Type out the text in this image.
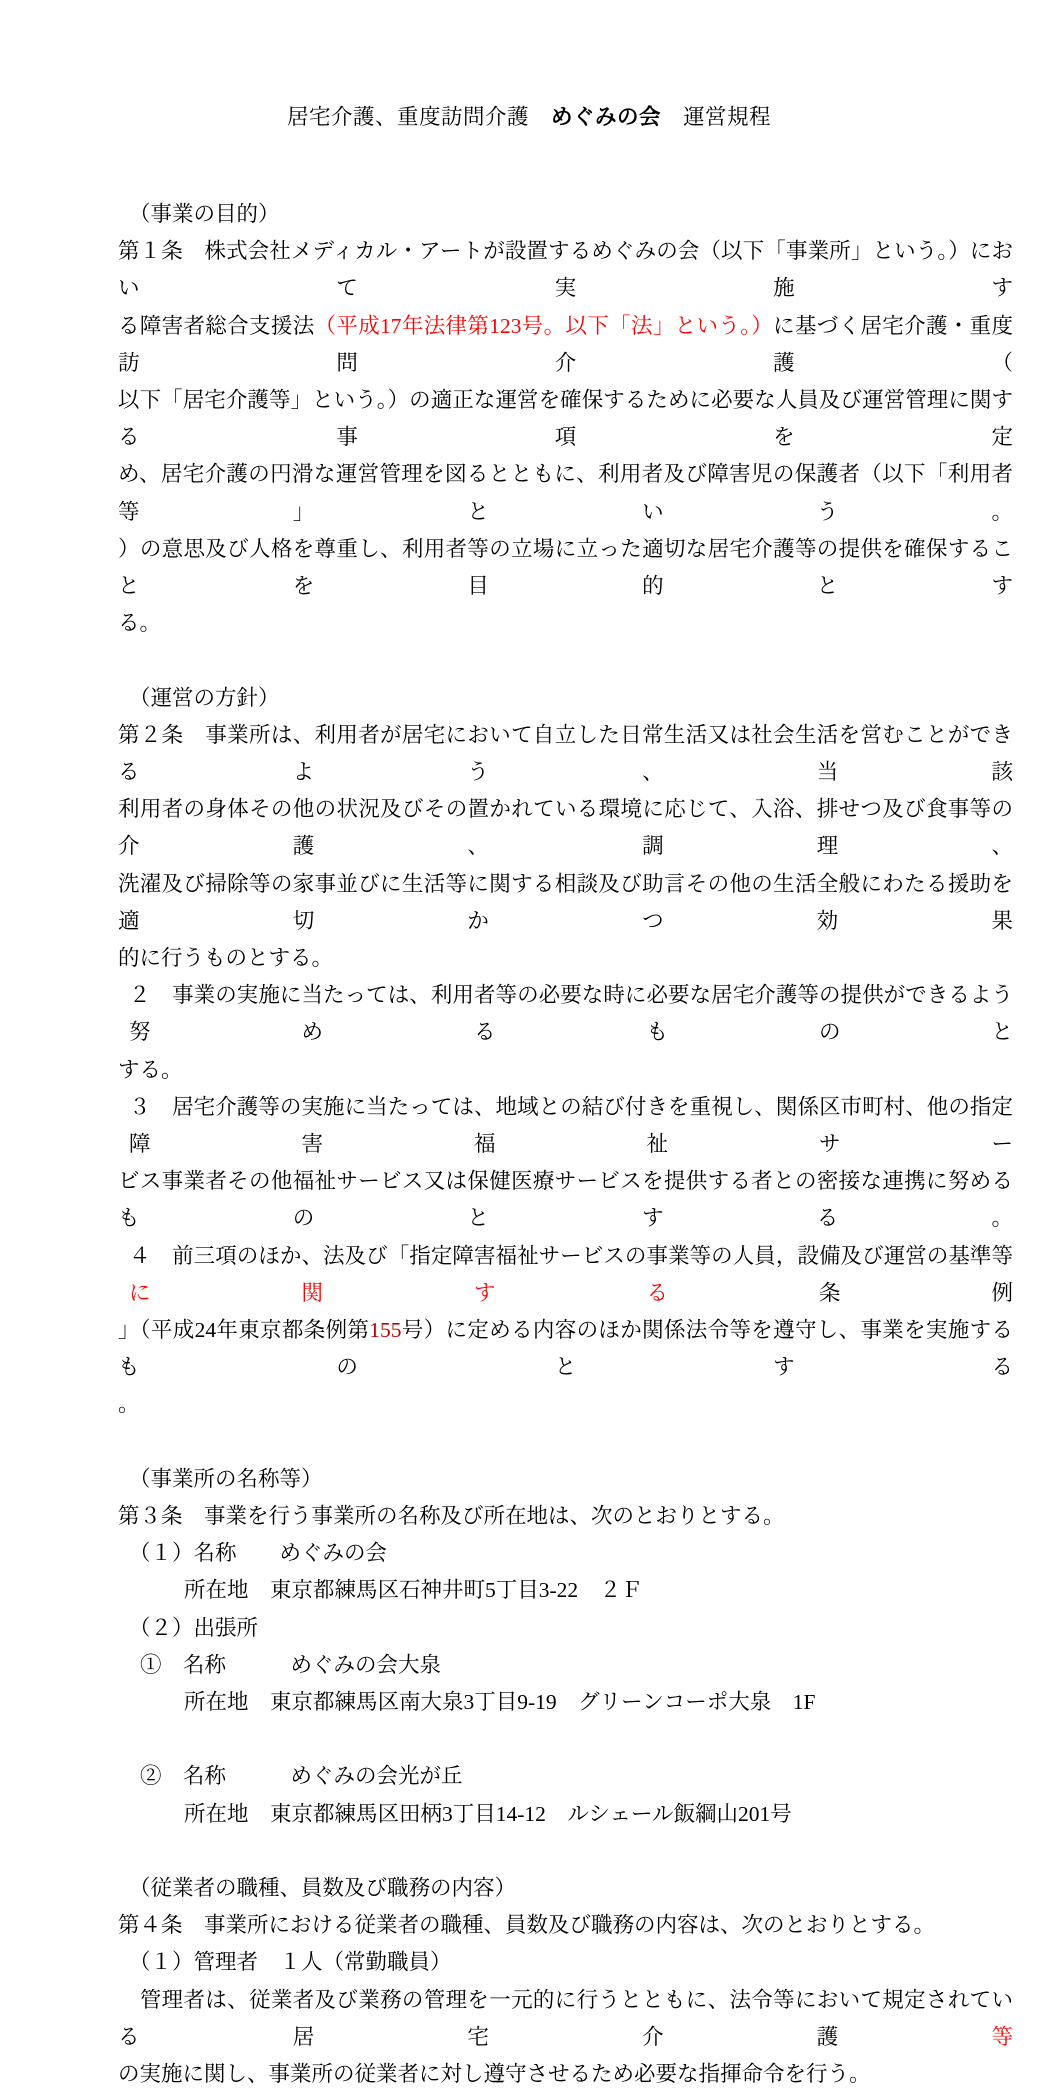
居宅介護、重度訪問介護　めぐみの会　運営規程
（事業の目的）
第１条　株式会社メディカル・アートが設置するめぐみの会（以下「事業所」という。）において実施す
る障害者総合支援法（平成17年法律第123号。以下「法」という。）に基づく居宅介護・重度訪問介護（
以下「居宅介護等」という。）の適正な運営を確保するために必要な人員及び運営管理に関する事項を定
め、居宅介護の円滑な運営管理を図るとともに、利用者及び障害児の保護者（以下「利用者等」という。
）の意思及び人格を尊重し、利用者等の立場に立った適切な居宅介護等の提供を確保することを目的とす
る。

（運営の方針）
第２条　事業所は、利用者が居宅において自立した日常生活又は社会生活を営むことができるよう、当該
利用者の身体その他の状況及びその置かれている環境に応じて、入浴、排せつ及び食事等の介護、調理、
洗濯及び掃除等の家事並びに生活等に関する相談及び助言その他の生活全般にわたる援助を適切かつ効果
的に行うものとする。
２　事業の実施に当たっては、利用者等の必要な時に必要な居宅介護等の提供ができるよう努めるものと
する。
３　居宅介護等の実施に当たっては、地域との結び付きを重視し、関係区市町村、他の指定障害福祉サー
ビス事業者その他福祉サービス又は保健医療サービスを提供する者との密接な連携に努めるものとする。
４　前三項のほか、法及び「指定障害福祉サービスの事業等の人員，設備及び運営の基準等に関する条例
」（平成24年東京都条例第155号）に定める内容のほか関係法令等を遵守し、事業を実施するものとする
。

（事業所の名称等）
第３条　事業を行う事業所の名称及び所在地は、次のとおりとする。
（１）名称　　めぐみの会
所在地　東京都練馬区石神井町5丁目3-22　２Ｆ
（２）出張所
①　名称　　　めぐみの会大泉
所在地　東京都練馬区南大泉3丁目9-19　グリーンコーポ大泉　1F

②　名称　　　めぐみの会光が丘
所在地　東京都練馬区田柄3丁目14-12　ルシェール飯綱山201号

（従業者の職種、員数及び職務の内容）
第４条　事業所における従業者の職種、員数及び職務の内容は、次のとおりとする。
（１）管理者　１人（常勤職員）
　管理者は、従業者及び業務の管理を一元的に行うとともに、法令等において規定されている居宅介護等
の実施に関し、事業所の従業者に対し遵守させるため必要な指揮命令を行う。
